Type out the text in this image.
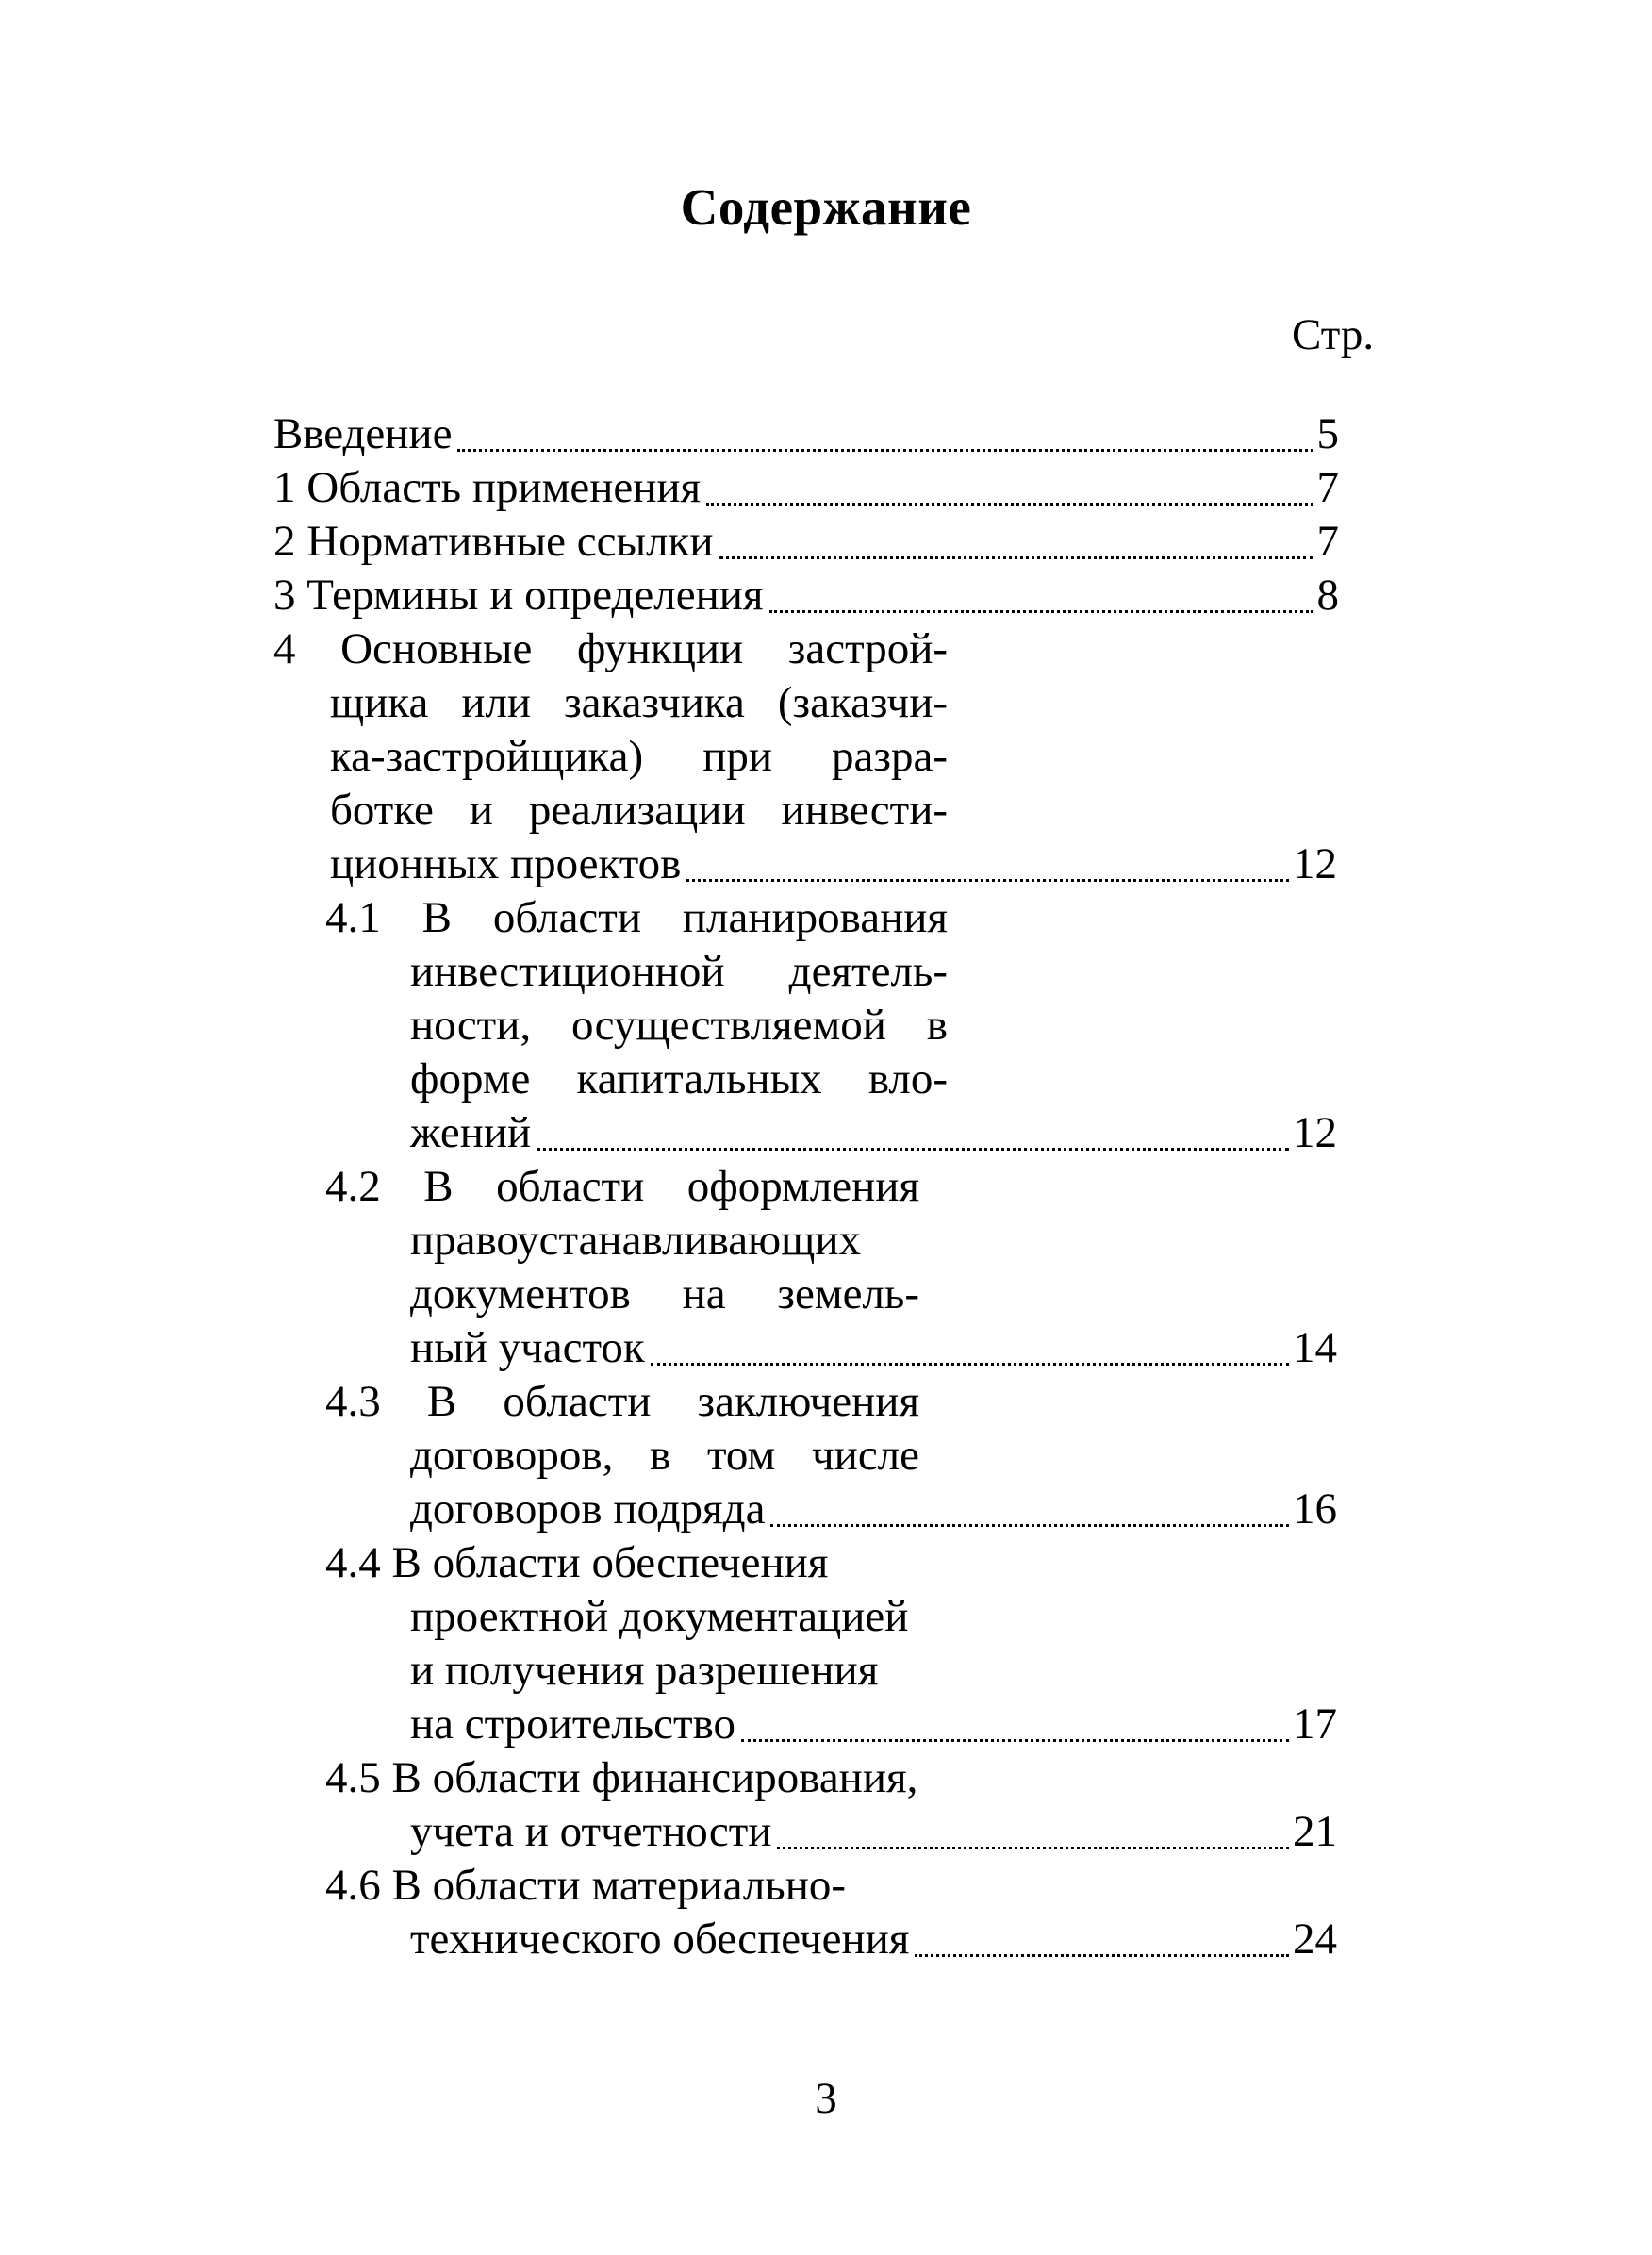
Содержание
Стр.
Введение	5
1 Область применения	7
2 Нормативные ссылки	7
3 Термины и определения	8
4 Основные функции застрой-
щика или заказчика (заказчи-
ка-застройщика) при разра-
ботке и реализации инвести-
ционных проектов	12
4.1 В области планирования
инвестиционной деятель-
ности, осуществляемой в
форме капитальных вло-
жений	12
4.2 В области оформления
правоустанавливающих
документов на земель-
ный участок	14
4.3 В области заключения
договоров, в том числе
договоров подряда	16
4.4 В области обеспечения
проектной документацией
и получения разрешения
на строительство	17
4.5 В области финансирования,
учета и отчетности	21
4.6 В области материально-
технического обеспечения	24
3
